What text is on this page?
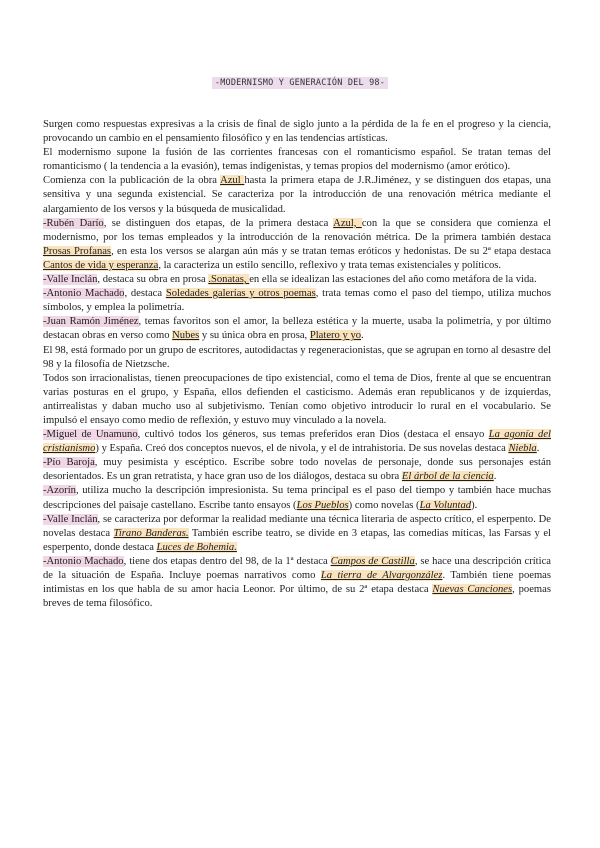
-MODERNISMO Y GENERACIÓN DEL 98-

Surgen como respuestas expresivas a la crisis de final de siglo junto a la pérdida de la fe en el progreso y la ciencia, provocando un cambio en el pensamiento filosófico y en las tendencias artísticas.

El modernismo supone la fusión de las corrientes francesas con el romanticismo español. Se tratan temas del romanticismo ( la tendencia a la evasión), temas indigenistas, y temas propios del modernismo (amor erótico).

Comienza con la publicación de la obra Azul hasta la primera etapa de J.R.Jiménez, y se distinguen dos etapas, una sensitiva y una segunda existencial. Se caracteriza por la introducción de una renovación métrica mediante el alargamiento de los versos y la búsqueda de musicalidad.

-Rubén Darío, se distinguen dos etapas, de la primera destaca Azul, con la que se considera que comienza el modernismo, por los temas empleados y la introducción de la renovación métrica. De la primera también destaca Prosas Profanas, en esta los versos se alargan aún más y se tratan temas eróticos y hedonistas. De su 2ª etapa destaca Cantos de vida y esperanza, la caracteriza un estilo sencillo, reflexivo y trata temas existenciales y políticos.

-Valle Inclán, destaca su obra en prosa .Sonatas, en ella se idealizan las estaciones del año como metáfora de la vida.

-Antonio Machado, destaca Soledades galerías y otros poemas, trata temas como el paso del tiempo, utiliza muchos símbolos, y emplea la polimetría.

-Juan Ramón Jiménez, temas favoritos son el amor, la belleza estética y la muerte, usaba la polimetría, y por último destacan obras en verso como Nubes y su única obra en prosa, Platero y yo.

El 98, está formado por un grupo de escritores, autodidactas y regeneracionistas, que se agrupan en torno al desastre del 98 y la filosofía de Nietzsche.

Todos son irracionalistas, tienen preocupaciones de tipo existencial, como el tema de Dios, frente al que se encuentran varias posturas en el grupo, y España, ellos defienden el casticismo. Además eran republicanos y de izquierdas, antirrealistas y daban mucho uso al subjetivismo. Tenían como objetivo introducir lo rural en el vocabulario. Se impulsó el ensayo como medio de reflexión, y estuvo muy vinculado a la novela.

-Miguel de Unamuno, cultivó todos los géneros, sus temas preferidos eran Dios (destaca el ensayo La agonía del cristianismo) y España. Creó dos conceptos nuevos, el de nivola, y el de intrahistoria. De sus novelas destaca Niebla.

-Pío Baroja, muy pesimista y escéptico. Escribe sobre todo novelas de personaje, donde sus personajes están desorientados. Es un gran retratista, y hace gran uso de los diálogos, destaca su obra El árbol de la ciencia.

-Azorín, utiliza mucho la descripción impresionista. Su tema principal es el paso del tiempo y también hace muchas descripciones del paisaje castellano. Escribe tanto ensayos (Los Pueblos) como novelas (La Voluntad).

-Valle Inclán, se caracteriza por deformar la realidad mediante una técnica literaria de aspecto crítico, el esperpento. De novelas destaca Tirano Banderas. También escribe teatro, se divide en 3 etapas, las comedias míticas, las Farsas y el esperpento, donde destaca Luces de Bohemia.

-Antonio Machado, tiene dos etapas dentro del 98, de la 1ª destaca Campos de Castilla, se hace una descripción crítica de la situación de España. Incluye poemas narrativos como La tierra de Alvargonzález. También tiene poemas intimistas en los que habla de su amor hacia Leonor. Por último, de su 2ª etapa destaca Nuevas Canciones, poemas breves de tema filosófico.
